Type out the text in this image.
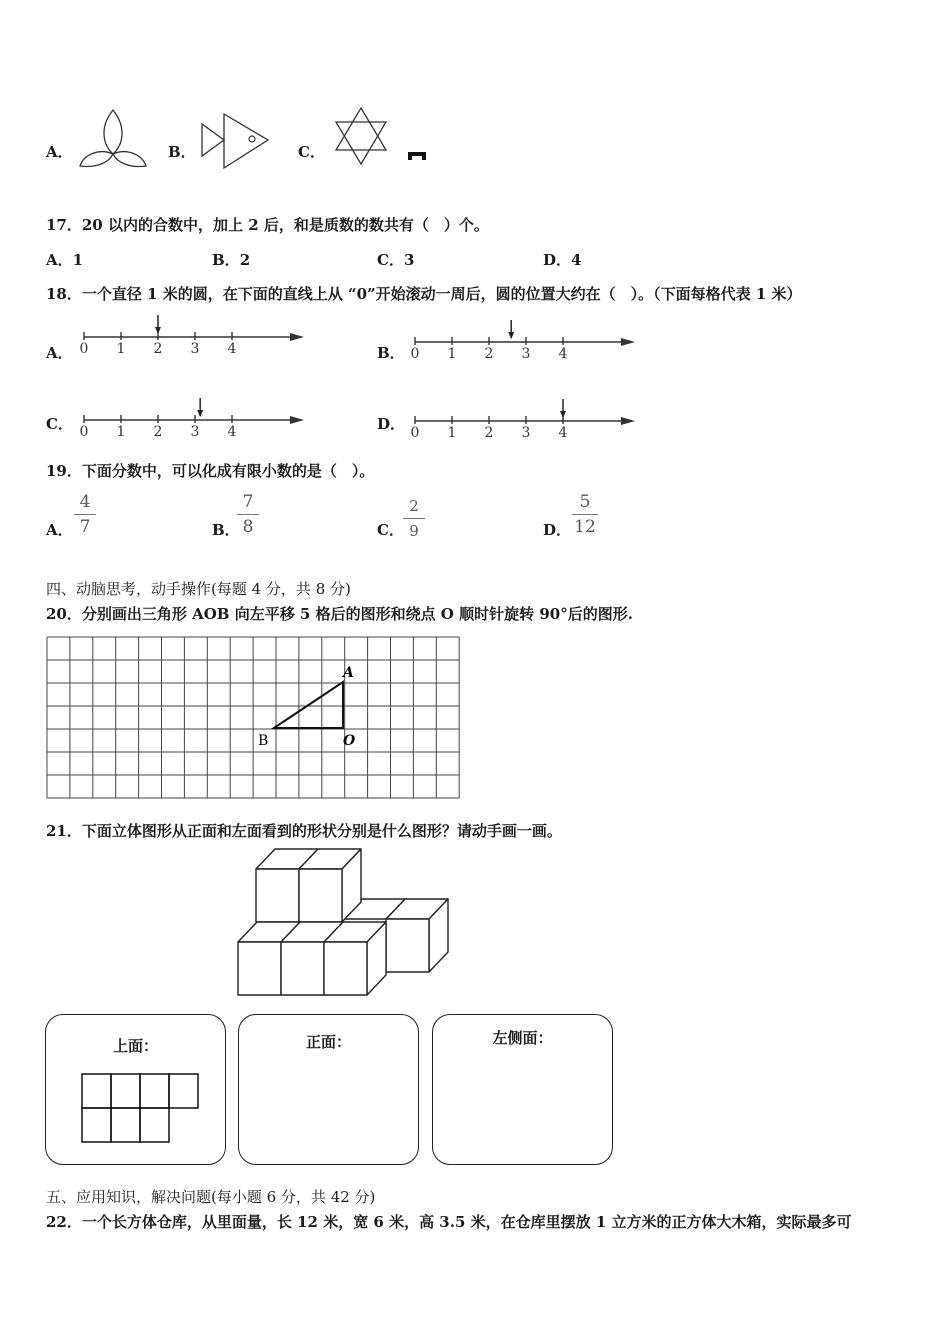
A．	B．	C．
17．20 以内的合数中，加上 2 后，和是质数的数共有（　）个。
A．1	B．2	C．3	D．4
18．一个直径 1 米的圆，在下面的直线上从 “0”开始滚动一周后，圆的位置大约在（　）。（下面每格代表 1 米）
A． 0 1 2 3 4	B． 0 1 2 3 4
C． 0 1 2 3 4	D． 0 1 2 3 4
19．下面分数中，可以化成有限小数的是（　）。
A．
4
7	B．
7
8	C．
2
9	D．
5
12
四、动脑思考，动手操作(每题 4 分，共 8 分)
20．分别画出三角形 AOB 向左平移 5 格后的图形和绕点 O 顺时针旋转 90°后的图形.
A
B	O
21．下面立体图形从正面和左面看到的形状分别是什么图形？请动手画一画。
上面：	正面：	左侧面：
五、应用知识，解决问题(每小题 6 分，共 42 分)
22．一个长方体仓库，从里面量，长 12 米，宽 6 米，高 3.5 米，在仓库里摆放 1 立方米的正方体大木箱，实际最多可
